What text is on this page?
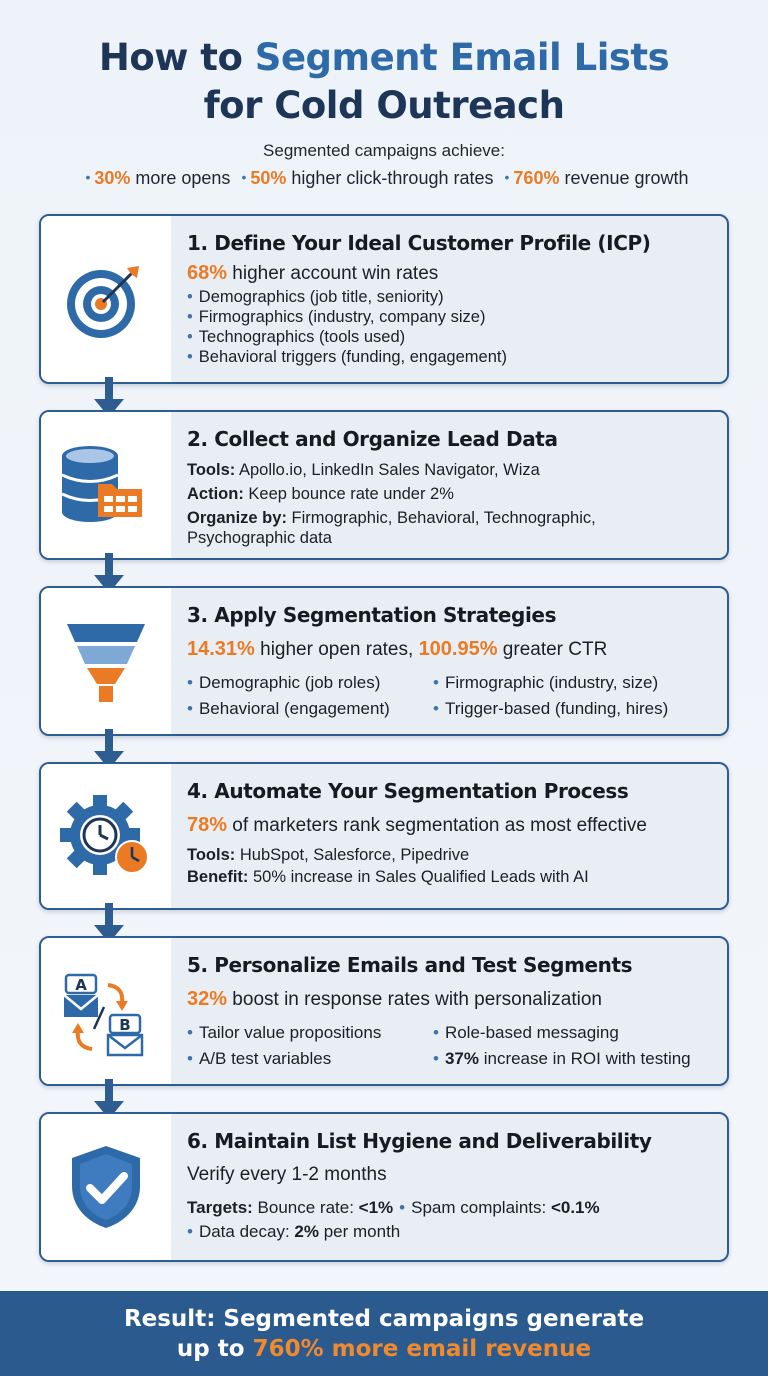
How to Segment Email Lists
for Cold Outreach
Segmented campaigns achieve:
• 30% more opens • 50% higher click-through rates • 760% revenue growth
1. Define Your Ideal Customer Profile (ICP)
68% higher account win rates
• Demographics (job title, seniority)
• Firmographics (industry, company size)
• Technographics (tools used)
• Behavioral triggers (funding, engagement)
2. Collect and Organize Lead Data
Tools: Apollo.io, LinkedIn Sales Navigator, Wiza
Action: Keep bounce rate under 2%
Organize by: Firmographic, Behavioral, Technographic,
Psychographic data
3. Apply Segmentation Strategies
14.31% higher open rates, 100.95% greater CTR
• Demographic (job roles)	• Firmographic (industry, size)
• Behavioral (engagement)	• Trigger-based (funding, hires)
4. Automate Your Segmentation Process
78% of marketers rank segmentation as most effective
Tools: HubSpot, Salesforce, Pipedrive
Benefit: 50% increase in Sales Qualified Leads with AI
A
B
5. Personalize Emails and Test Segments
32% boost in response rates with personalization
• Tailor value propositions	• Role-based messaging
• A/B test variables	• 37% increase in ROI with testing
6. Maintain List Hygiene and Deliverability
Verify every 1-2 months
Targets: Bounce rate: <1% • Spam complaints: <0.1%
• Data decay: 2% per month
Result: Segmented campaigns generate
up to 760% more email revenue
